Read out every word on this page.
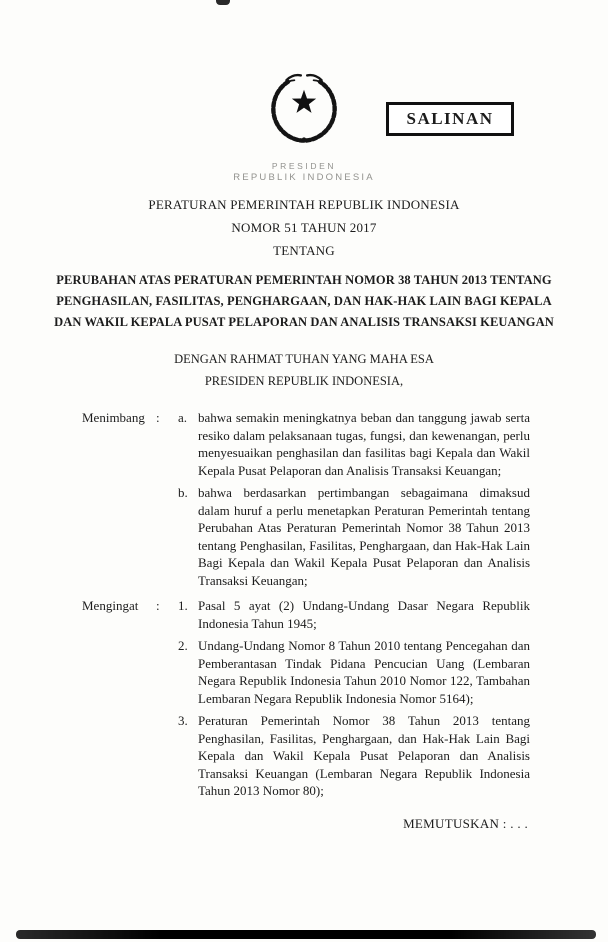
SALINAN
PRESIDEN
REPUBLIK INDONESIA
PERATURAN PEMERINTAH REPUBLIK INDONESIA
NOMOR 51 TAHUN 2017
TENTANG
PERUBAHAN ATAS PERATURAN PEMERINTAH NOMOR 38 TAHUN 2013 TENTANG PENGHASILAN, FASILITAS, PENGHARGAAN, DAN HAK-HAK LAIN BAGI KEPALA DAN WAKIL KEPALA PUSAT PELAPORAN DAN ANALISIS TRANSAKSI KEUANGAN
DENGAN RAHMAT TUHAN YANG MAHA ESA
PRESIDEN REPUBLIK INDONESIA,
Menimbang :	a. bahwa semakin meningkatnya beban dan tanggung jawab serta resiko dalam pelaksanaan tugas, fungsi, dan kewenangan, perlu menyesuaikan penghasilan dan fasilitas bagi Kepala dan Wakil Kepala Pusat Pelaporan dan Analisis Transaksi Keuangan;
b. bahwa berdasarkan pertimbangan sebagaimana dimaksud dalam huruf a perlu menetapkan Peraturan Pemerintah tentang Perubahan Atas Peraturan Pemerintah Nomor 38 Tahun 2013 tentang Penghasilan, Fasilitas, Penghargaan, dan Hak-Hak Lain Bagi Kepala dan Wakil Kepala Pusat Pelaporan dan Analisis Transaksi Keuangan;
Mengingat	:	1. Pasal 5 ayat (2) Undang-Undang Dasar Negara Republik Indonesia Tahun 1945;
2. Undang-Undang Nomor 8 Tahun 2010 tentang Pencegahan dan Pemberantasan Tindak Pidana Pencucian Uang (Lembaran Negara Republik Indonesia Tahun 2010 Nomor 122, Tambahan Lembaran Negara Republik Indonesia Nomor 5164);
3. Peraturan Pemerintah Nomor 38 Tahun 2013 tentang Penghasilan, Fasilitas, Penghargaan, dan Hak-Hak Lain Bagi Kepala dan Wakil Kepala Pusat Pelaporan dan Analisis Transaksi Keuangan (Lembaran Negara Republik Indonesia Tahun 2013 Nomor 80);
MEMUTUSKAN : . . .
